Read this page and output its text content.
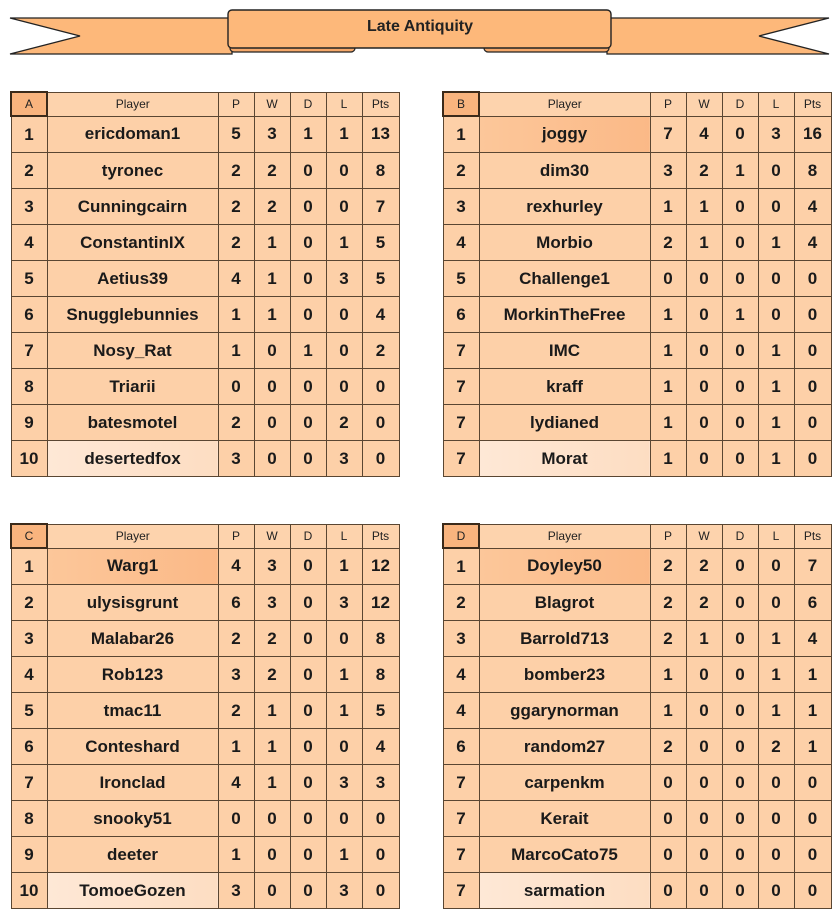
Late Antiquity
A	Player	P	W	D	L	Pts
1	ericdoman1	5	3	1	1	13
2	tyronec	2	2	0	0	8
3	Cunningcairn	2	2	0	0	7
4	ConstantinIX	2	1	0	1	5
5	Aetius39	4	1	0	3	5
6	Snugglebunnies	1	1	0	0	4
7	Nosy_Rat	1	0	1	0	2
8	Triarii	0	0	0	0	0
9	batesmotel	2	0	0	2	0
10	desertedfox	3	0	0	3	0
B	Player	P	W	D	L	Pts
1	joggy	7	4	0	3	16
2	dim30	3	2	1	0	8
3	rexhurley	1	1	0	0	4
4	Morbio	2	1	0	1	4
5	Challenge1	0	0	0	0	0
6	MorkinTheFree	1	0	1	0	0
7	IMC	1	0	0	1	0
7	kraff	1	0	0	1	0
7	lydianed	1	0	0	1	0
7	Morat	1	0	0	1	0
C	Player	P	W	D	L	Pts
1	Warg1	4	3	0	1	12
2	ulysisgrunt	6	3	0	3	12
3	Malabar26	2	2	0	0	8
4	Rob123	3	2	0	1	8
5	tmac11	2	1	0	1	5
6	Conteshard	1	1	0	0	4
7	Ironclad	4	1	0	3	3
8	snooky51	0	0	0	0	0
9	deeter	1	0	0	1	0
10	TomoeGozen	3	0	0	3	0
D	Player	P	W	D	L	Pts
1	Doyley50	2	2	0	0	7
2	Blagrot	2	2	0	0	6
3	Barrold713	2	1	0	1	4
4	bomber23	1	0	0	1	1
4	ggarynorman	1	0	0	1	1
6	random27	2	0	0	2	1
7	carpenkm	0	0	0	0	0
7	Kerait	0	0	0	0	0
7	MarcoCato75	0	0	0	0	0
7	sarmation	0	0	0	0	0
